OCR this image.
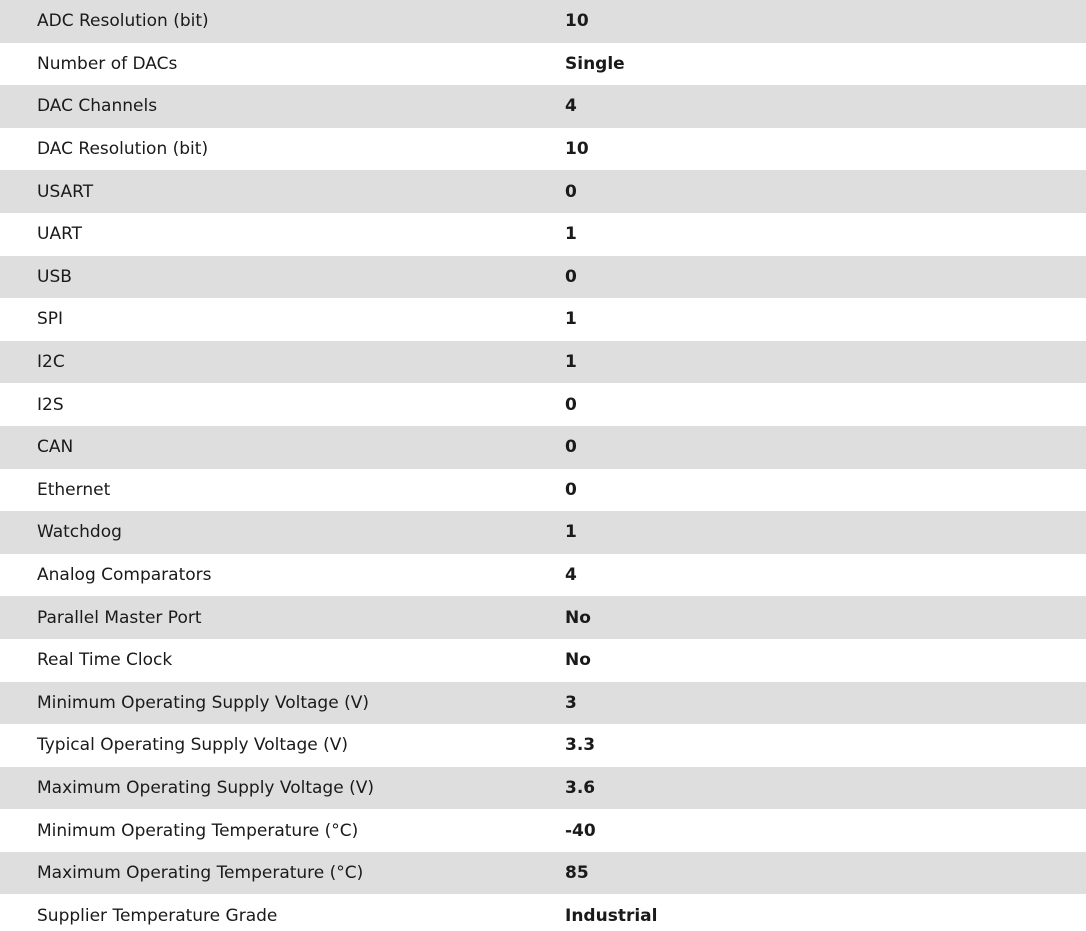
ADC Resolution (bit)	10
Number of DACs	Single
DAC Channels	4
DAC Resolution (bit)	10
USART	0
UART	1
USB	0
SPI	1
I2C	1
I2S	0
CAN	0
Ethernet	0
Watchdog	1
Analog Comparators	4
Parallel Master Port	No
Real Time Clock	No
Minimum Operating Supply Voltage (V)	3
Typical Operating Supply Voltage (V)	3.3
Maximum Operating Supply Voltage (V)	3.6
Minimum Operating Temperature (°C)	-40
Maximum Operating Temperature (°C)	85
Supplier Temperature Grade	Industrial
